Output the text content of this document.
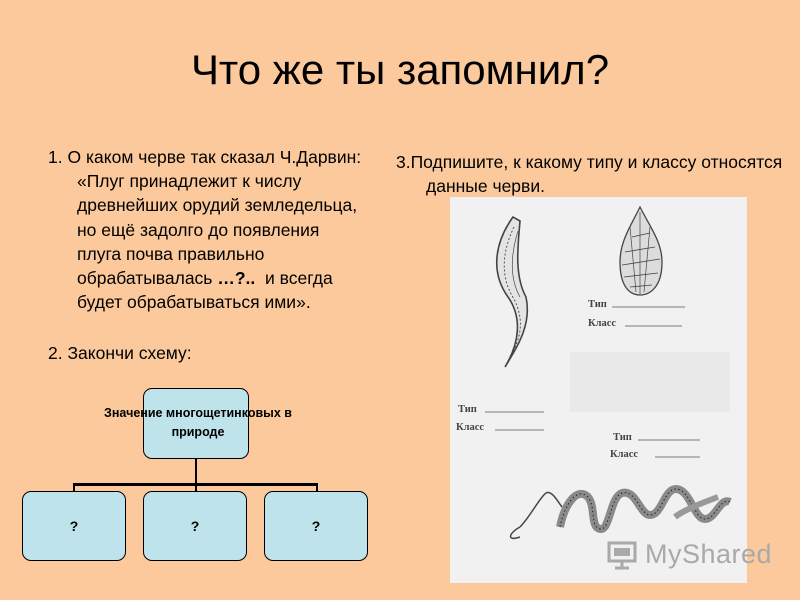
Что же ты запомнил?

1. О каком черве так сказал Ч.Дарвин: «Плуг принадлежит к числу древнейших орудий земледельца, но ещё задолго до появления плуга почва правильно обрабатывалась …?.. и всегда будет обрабатываться ими».

2. Закончи схему:

3.Подпишите, к какому типу и классу относятся данные черви.

Значение многощетинковых в природе
?	?	?
Тип
Класс
Тип
Класс
Тип
Класс
MyShared
